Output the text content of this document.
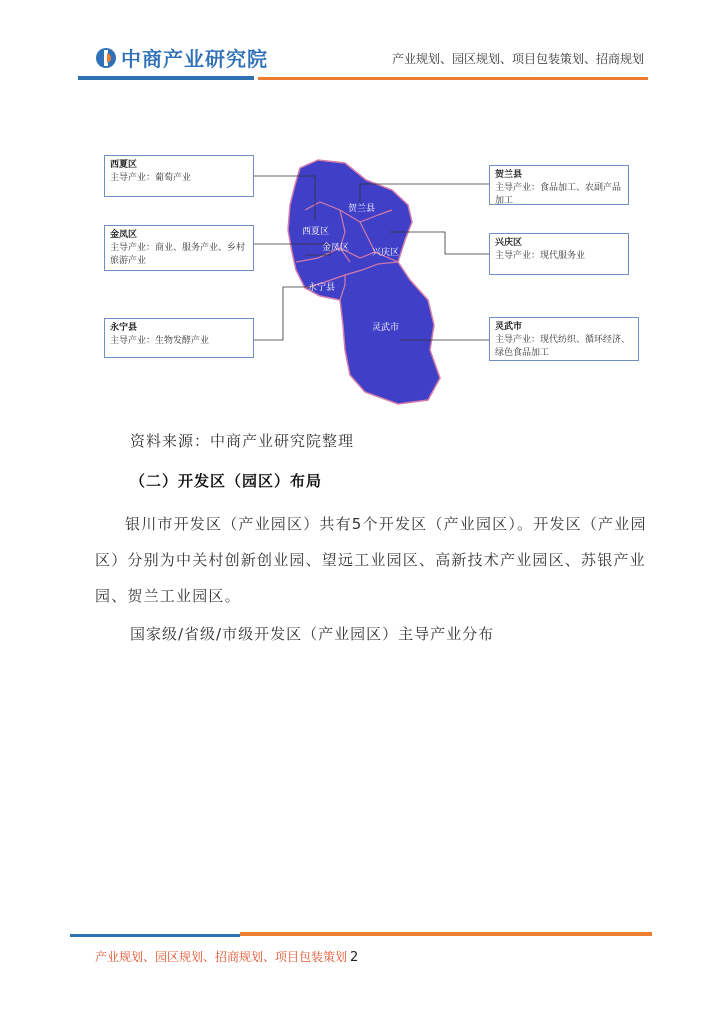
中商产业研究院	产业规划、园区规划、项目包装策划、招商规划
贺兰县
西夏区
金凤区	兴庆区
永宁县
灵武市
西夏区
主导产业：葡萄产业
金凤区
主导产业：商业、服务产业、乡村旅游产业
永宁县
主导产业：生物发酵产业
贺兰县
主导产业：食品加工、农副产品加工
兴庆区
主导产业：现代服务业
灵武市
主导产业：现代纺织、循环经济、绿色食品加工
资料来源：中商产业研究院整理
（二）开发区（园区）布局
银川市开发区（产业园区）共有5个开发区（产业园区）。开发区（产业园区）分别为中关村创新创业园、望远工业园区、高新技术产业园区、苏银产业园、贺兰工业园区。
国家级/省级/市级开发区（产业园区）主导产业分布
产业规划、园区规划、招商规划、项目包装策划 2
